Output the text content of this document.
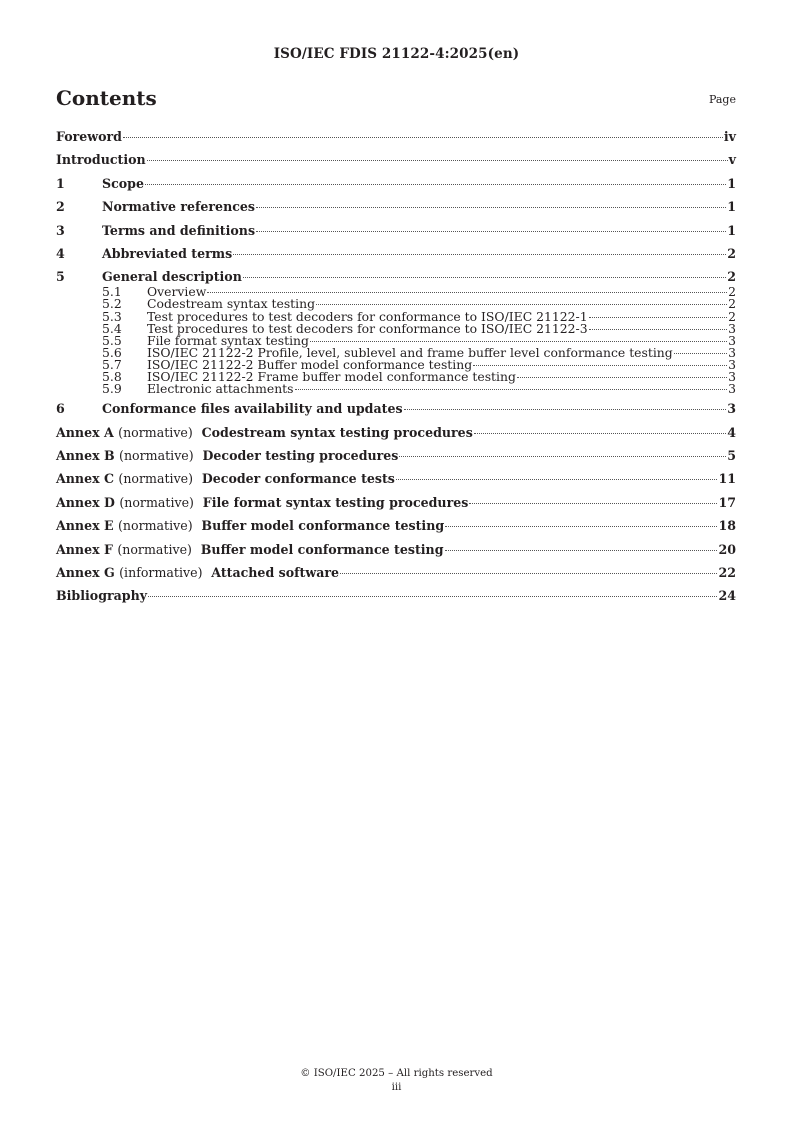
ISO/IEC FDIS 21122-4:2025(en)
Contents	Page
Foreword	iv
Introduction	v
1	Scope	1
2	Normative references	1
3	Terms and definitions	1
4	Abbreviated terms	2
5	General description	2
5.1	Overview	2
5.2	Codestream syntax testing	2
5.3	Test procedures to test decoders for conformance to ISO/IEC 21122-1	2
5.4	Test procedures to test decoders for conformance to ISO/IEC 21122-3	3
5.5	File format syntax testing	3
5.6	ISO/IEC 21122-2 Profile, level, sublevel and frame buffer level conformance testing	3
5.7	ISO/IEC 21122-2 Buffer model conformance testing	3
5.8	ISO/IEC 21122-2 Frame buffer model conformance testing	3
5.9	Electronic attachments	3
6	Conformance files availability and updates	3
Annex A (normative) Codestream syntax testing procedures	4
Annex B (normative) Decoder testing procedures	5
Annex C (normative) Decoder conformance tests	11
Annex D (normative) File format syntax testing procedures	17
Annex E (normative) Buffer model conformance testing	18
Annex F (normative) Buffer model conformance testing	20
Annex G (informative) Attached software	22
Bibliography	24
© ISO/IEC 2025 – All rights reserved
iii
